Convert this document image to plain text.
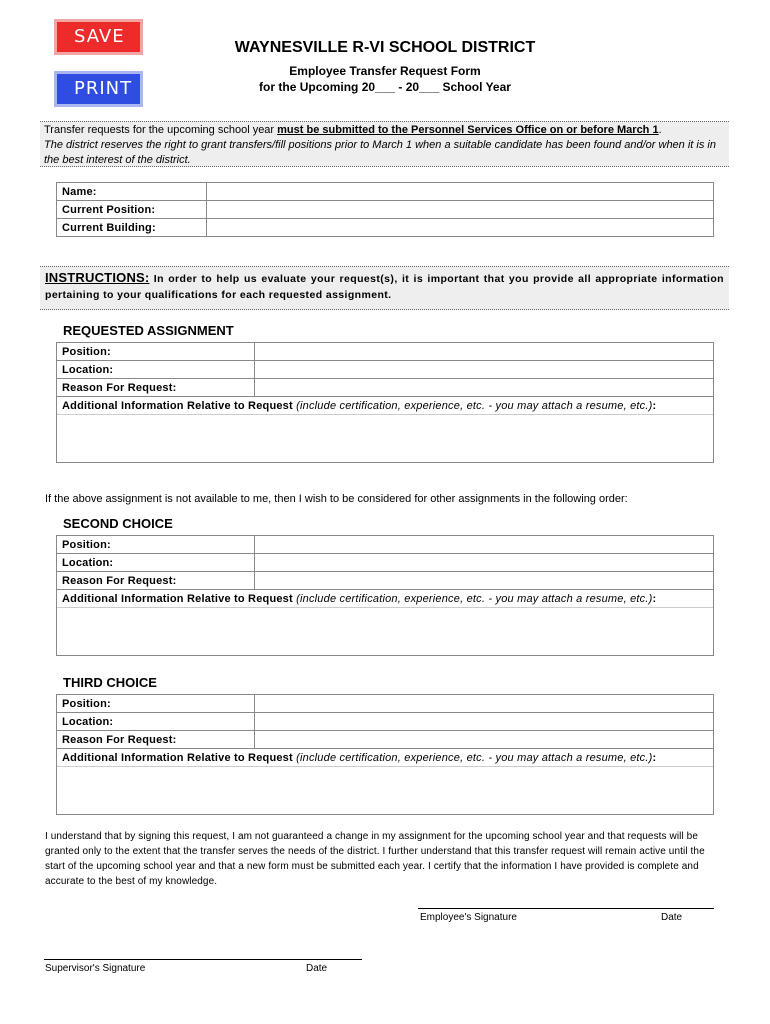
SAVE
PRINT
WAYNESVILLE R-VI SCHOOL DISTRICT
Employee Transfer Request Form
for the Upcoming 20___ - 20___ School Year
Transfer requests for the upcoming school year must be submitted to the Personnel Services Office on or before March 1.
The district reserves the right to grant transfers/fill positions prior to March 1 when a suitable candidate has been found and/or when it is in the best interest of the district.
Name:	
Current Position:	
Current Building:	
INSTRUCTIONS: In order to help us evaluate your request(s), it is important that you provide all appropriate information pertaining to your qualifications for each requested assignment.
REQUESTED ASSIGNMENT
Position:	
Location:	
Reason For Request:	
Additional Information Relative to Request (include certification, experience, etc. - you may attach a resume, etc.):	

If the above assignment is not available to me, then I wish to be considered for other assignments in the following order:
SECOND CHOICE
Position:	
Location:	
Reason For Request:	
Additional Information Relative to Request (include certification, experience, etc. - you may attach a resume, etc.):	

THIRD CHOICE
Position:	
Location:	
Reason For Request:	
Additional Information Relative to Request (include certification, experience, etc. - you may attach a resume, etc.):	

I understand that by signing this request, I am not guaranteed a change in my assignment for the upcoming school year and that requests will be granted only to the extent that the transfer serves the needs of the district. I further understand that this transfer request will remain active until the start of the upcoming school year and that a new form must be submitted each year. I certify that the information I have provided is complete and accurate to the best of my knowledge.
Employee's Signature	Date
Supervisor's Signature	Date
